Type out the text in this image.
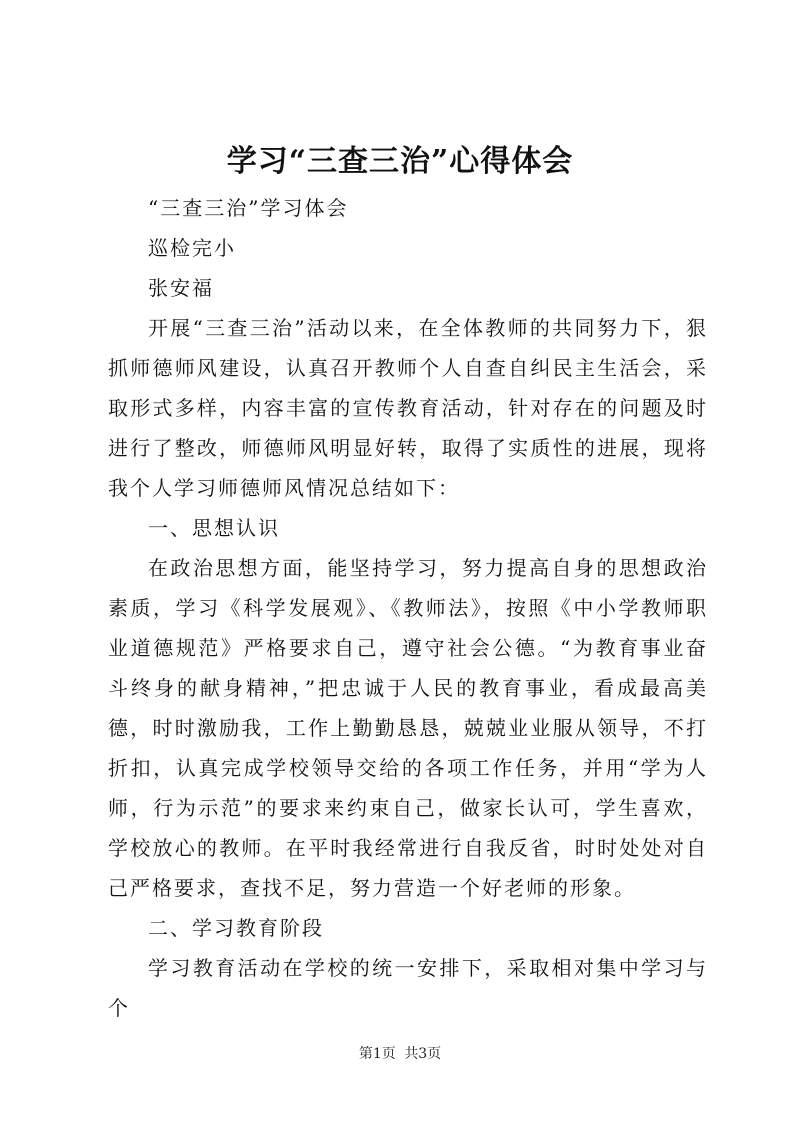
学习“三查三治”心得体会

“三查三治”学习体会

巡检完小

张安福

开展“三查三治”活动以来，在全体教师的共同努力下，狠抓师德师风建设，认真召开教师个人自查自纠民主生活会，采取形式多样，内容丰富的宣传教育活动，针对存在的问题及时进行了整改，师德师风明显好转，取得了实质性的进展，现将我个人学习师德师风情况总结如下：

一、思想认识

在政治思想方面，能坚持学习，努力提高自身的思想政治素质，学习《科学发展观》、《教师法》，按照《中小学教师职业道德规范》严格要求自己，遵守社会公德。“为教育事业奋斗终身的献身精神，”把忠诚于人民的教育事业，看成最高美德，时时激励我，工作上勤勤恳恳，兢兢业业服从领导，不打折扣，认真完成学校领导交给的各项工作任务，并用“学为人师，行为示范”的要求来约束自己，做家长认可，学生喜欢，学校放心的教师。在平时我经常进行自我反省，时时处处对自己严格要求，查找不足，努力营造一个好老师的形象。

二、学习教育阶段

学习教育活动在学校的统一安排下，采取相对集中学习与个

第1页 共3页
